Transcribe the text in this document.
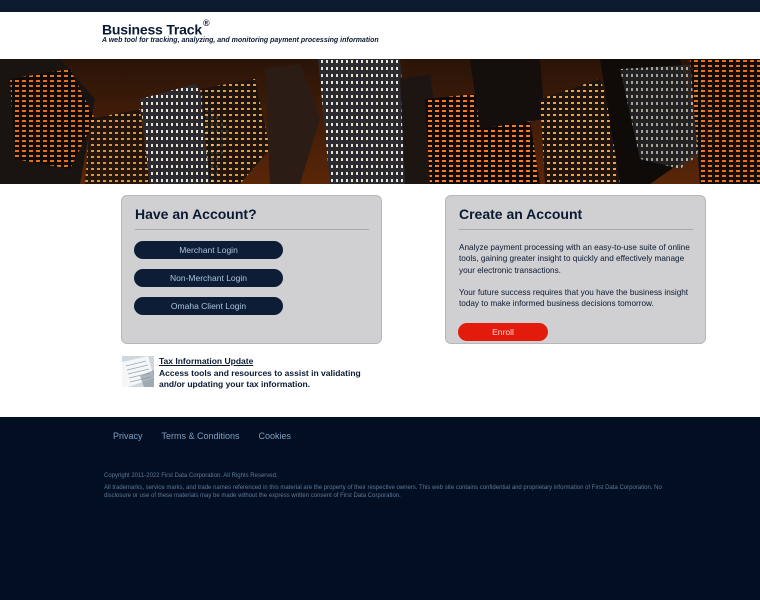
Business Track®
A web tool for tracking, analyzing, and monitoring payment processing information
Have an Account?
Merchant Login
Non-Merchant Login
Omaha Client Login
Create an Account

Analyze payment processing with an easy-to-use suite of online tools, gaining greater insight to quickly and effectively manage your electronic transactions.

Your future success requires that you have the business insight today to make informed business decisions tomorrow.

Enroll
Tax Information Update
Access tools and resources to assist in validating and/or updating your tax information.
Privacy Terms & Conditions Cookies
Copyright 2011-2022 First Data Corporation. All Rights Reserved.
All trademarks, service marks, and trade names referenced in this material are the property of their respective owners. This web site contains confidential and proprietary information of First Data Corporation. No disclosure or use of these materials may be made without the express written consent of First Data Corporation.
